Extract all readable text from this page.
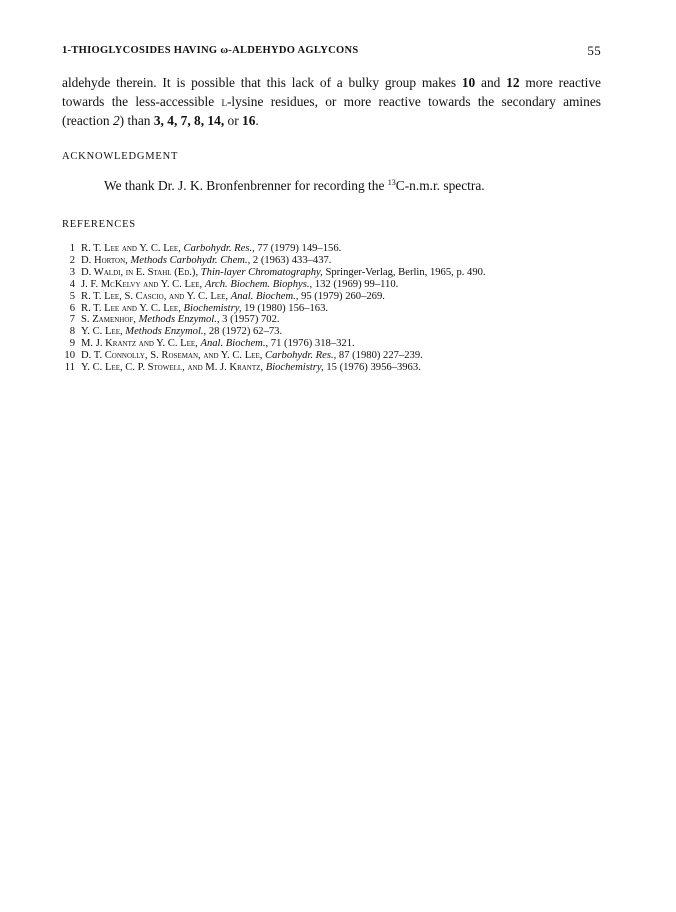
1-THIOGLYCOSIDES HAVING ω-ALDEHYDO AGLYCONS	55

aldehyde therein. It is possible that this lack of a bulky group makes 10 and 12 more reactive towards the less-accessible l-lysine residues, or more reactive towards the secondary amines (reaction 2) than 3, 4, 7, 8, 14, or 16.

ACKNOWLEDGMENT

We thank Dr. J. K. Bronfenbrenner for recording the $^{13}$C-n.m.r. spectra.

REFERENCES
1 R. T. Lee and Y. C. Lee, Carbohydr. Res., 77 (1979) 149–156.
2 D. Horton, Methods Carbohydr. Chem., 2 (1963) 433–437.
3 D. Waldi, in E. Stahl (Ed.), Thin-layer Chromatography, Springer-Verlag, Berlin, 1965, p. 490.
4 J. F. McKelvy and Y. C. Lee, Arch. Biochem. Biophys., 132 (1969) 99–110.
5 R. T. Lee, S. Cascio, and Y. C. Lee, Anal. Biochem., 95 (1979) 260–269.
6 R. T. Lee and Y. C. Lee, Biochemistry, 19 (1980) 156–163.
7 S. Zamenhof, Methods Enzymol., 3 (1957) 702.
8 Y. C. Lee, Methods Enzymol., 28 (1972) 62–73.
9 M. J. Krantz and Y. C. Lee, Anal. Biochem., 71 (1976) 318–321.
10 D. T. Connolly, S. Roseman, and Y. C. Lee, Carbohydr. Res., 87 (1980) 227–239.
11 Y. C. Lee, C. P. Stowell, and M. J. Krantz, Biochemistry, 15 (1976) 3956–3963.
